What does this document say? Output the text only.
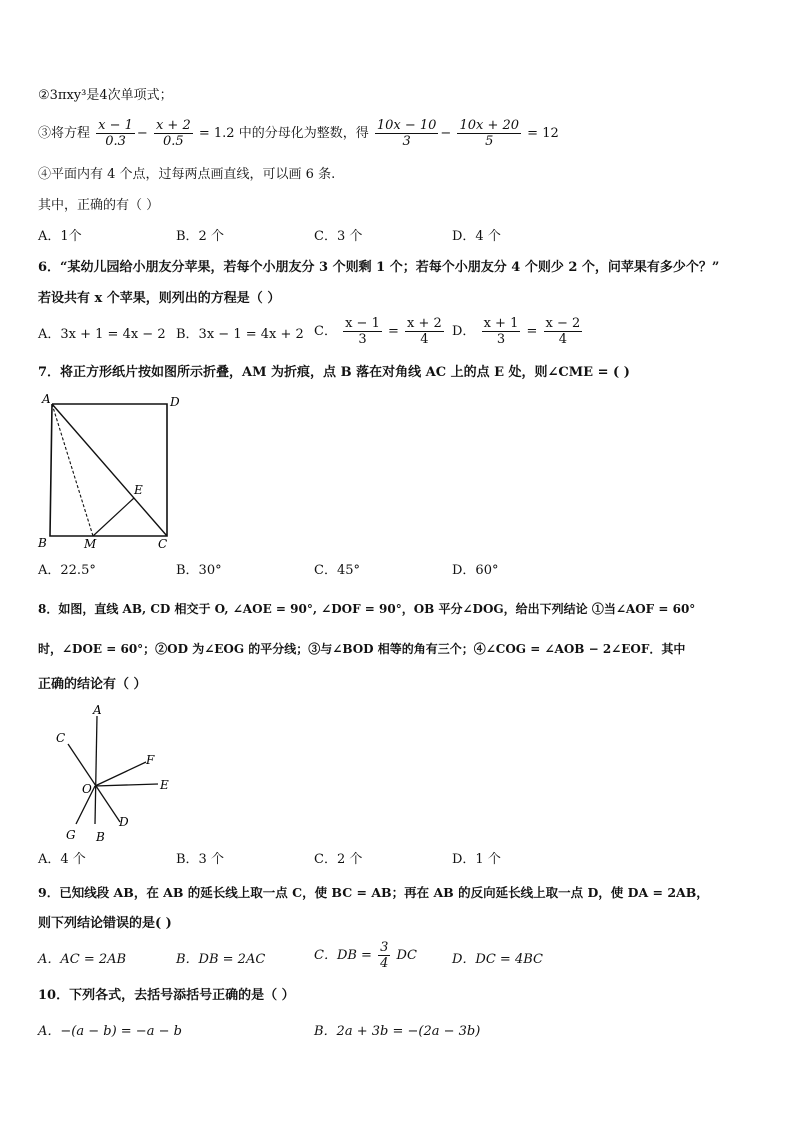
②3πxy³是4次单项式；
③将方程 $\frac{x - 1}{0.3} - \frac{x + 2}{0.5} = 1.2$ 中的分母化为整数，得 $\frac{10x - 10}{3} - \frac{10x + 20}{5} = 12$
④平面内有 4 个点，过每两点画直线，可以画 6 条.
其中，正确的有（ ）
A．1个	B．2 个	C．3 个	D．4 个
6．“某幼儿园给小朋友分苹果，若每个小朋友分 3 个则剩 1 个；若每个小朋友分 4 个则少 2 个，问苹果有多少个？”
若设共有 x 个苹果，则列出的方程是（ ）
A．3x + 1 = 4x − 2 B．3x − 1 = 4x + 2 C． $\frac{x - 1}{3} = \frac{x + 2}{4}$ D． $\frac{x + 1}{3} = \frac{x - 2}{4}$
7．将正方形纸片按如图所示折叠，AM 为折痕，点 B 落在对角线 AC 上的点 E 处，则∠CME = ( )
A	D
B	C
E
M
A．22.5°	B．30°	C．45°	D．60°
8．如图，直线 AB, CD 相交于 O, ∠AOE = 90°, ∠DOF = 90°，OB 平分∠DOG，给出下列结论 ①当∠AOF = 60°
时，∠DOE = 60°；②OD 为∠EOG 的平分线；③与∠BOD 相等的角有三个；④∠COG = ∠AOB − 2∠EOF．其中
正确的结论有（ ）
A
C
F
E
O
G B
D
A．4 个	B．3 个	C．2 个	D．1 个
9．已知线段 AB，在 AB 的延长线上取一点 C，使 BC = AB；再在 AB 的反向延长线上取一点 D，使 DA = 2AB，
则下列结论错误的是( )
A．AC = 2AB	B．DB = 2AC	C．DB = $\frac{3}{4}$ DC	D．DC = 4BC
10．下列各式，去括号添括号正确的是（ ）
A．−(a − b) = −a − b	B．2a + 3b = −(2a − 3b)
